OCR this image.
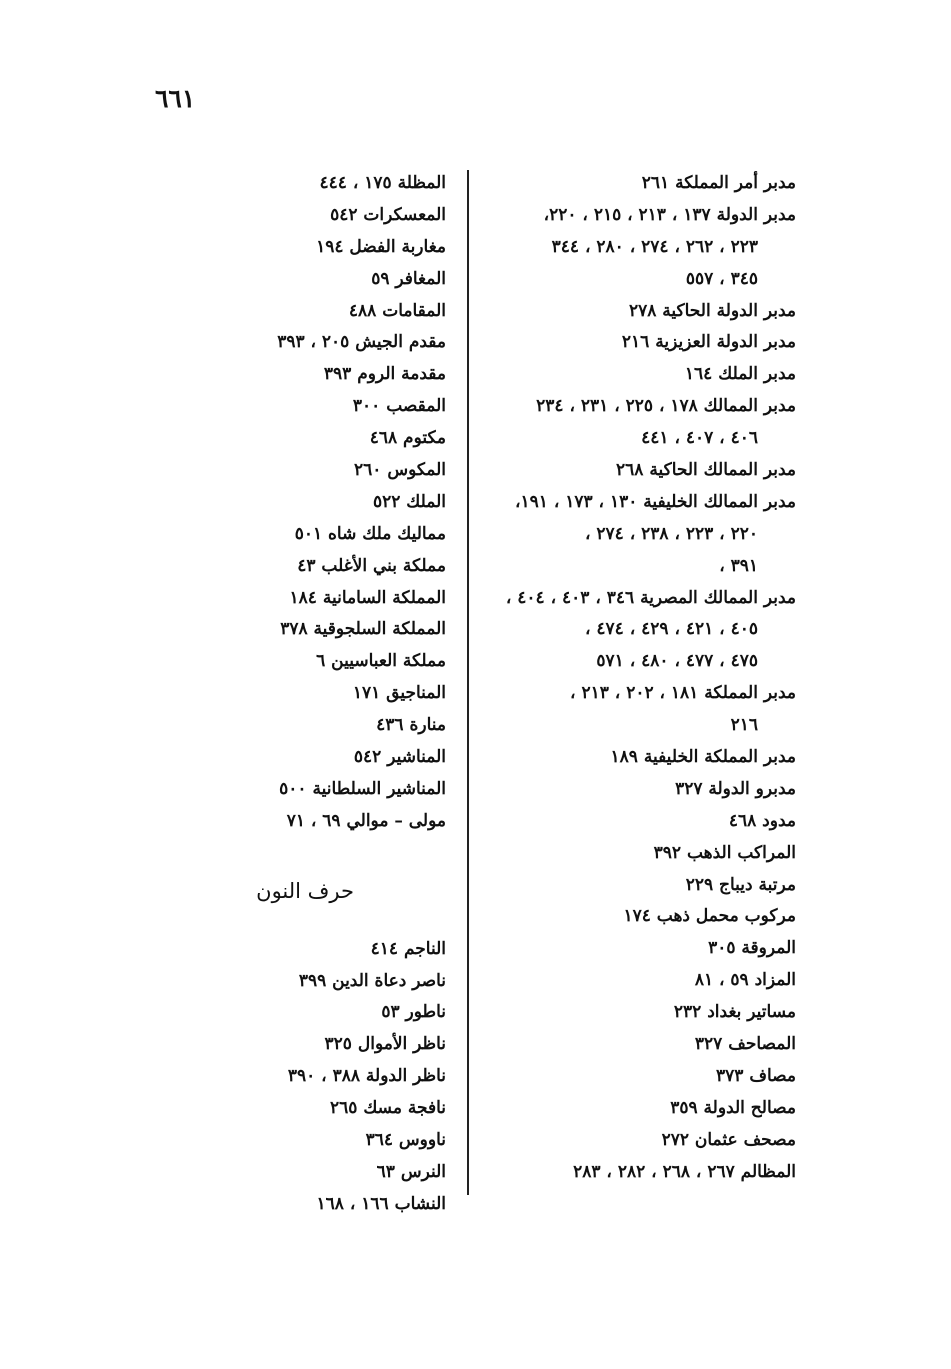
٦٦١
مدبر أمر المملكة ٢٦١
مدبر الدولة ١٣٧ ، ٢١٣ ، ٢١٥ ، ٢٢٠،
٢٢٣ ، ٢٦٢ ، ٢٧٤ ، ٢٨٠ ، ٣٤٤
٣٤٥ ، ٥٥٧
مدبر الدولة الحاكية ٢٧٨
مدبر الدولة العزيزية ٢١٦
مدبر الملك ١٦٤
مدبر الممالك ١٧٨ ، ٢٢٥ ، ٢٣١ ، ٢٣٤
٤٠٦ ، ٤٠٧ ، ٤٤١
مدبر الممالك الحاكية ٢٦٨
مدبر الممالك الخليفية ١٣٠ ، ١٧٣ ، ١٩١،
٢٢٠ ، ٢٢٣ ، ٢٣٨ ، ٢٧٤ ،
٣٩١ ،
مدبر الممالك المصرية ٣٤٦ ، ٤٠٣ ، ٤٠٤ ،
٤٠٥ ، ٤٢١ ، ٤٢٩ ، ٤٧٤ ،
٤٧٥ ، ٤٧٧ ، ٤٨٠ ، ٥٧١
مدبر المملكة ١٨١ ، ٢٠٢ ، ٢١٣ ،
٢١٦
مدبر المملكة الخليفية ١٨٩
مدبرو الدولة ٣٢٧
مدود ٤٦٨
المراكب الذهب ٣٩٢
مرتبة ديباج ٢٢٩
مركوب محمل ذهب ١٧٤
المروقة ٣٠٥
المزاد ٥٩ ، ٨١
مساتير بغداد ٢٣٢
المصاحف ٣٢٧
مصاف ٣٧٣
مصالح الدولة ٣٥٩
مصحف عثمان ٢٧٢
المظالم ٢٦٧ ، ٢٦٨ ، ٢٨٢ ، ٢٨٣
المظلة ١٧٥ ، ٤٤٤
المعسكرات ٥٤٢
مغاربة الفضل ١٩٤
المغافر ٥٩
المقامات ٤٨٨
مقدم الجيش ٢٠٥ ، ٣٩٣
مقدمة الروم ٣٩٣
المقصب ٣٠٠
مكتوم ٤٦٨
المكوس ٢٦٠
الملك ٥٢٢
مماليك ملك شاه ٥٠١
مملكة بني الأغلب ٤٣
المملكة السامانية ١٨٤
المملكة السلجوقية ٣٧٨
مملكة العباسيين ٦
المناجيق ١٧١
منارة ٤٣٦
المناشير ٥٤٢
المناشير السلطانية ٥٠٠
مولى – موالي ٦٩ ، ٧١
حرف النون
الناجم ٤١٤
ناصر دعاة الدين ٣٩٩
ناطور ٥٣
ناظر الأموال ٣٢٥
ناظر الدولة ٣٨٨ ، ٣٩٠
نافجة مسك ٢٦٥
ناووس ٣٦٤
النرس ٦٣
النشاب ١٦٦ ، ١٦٨
